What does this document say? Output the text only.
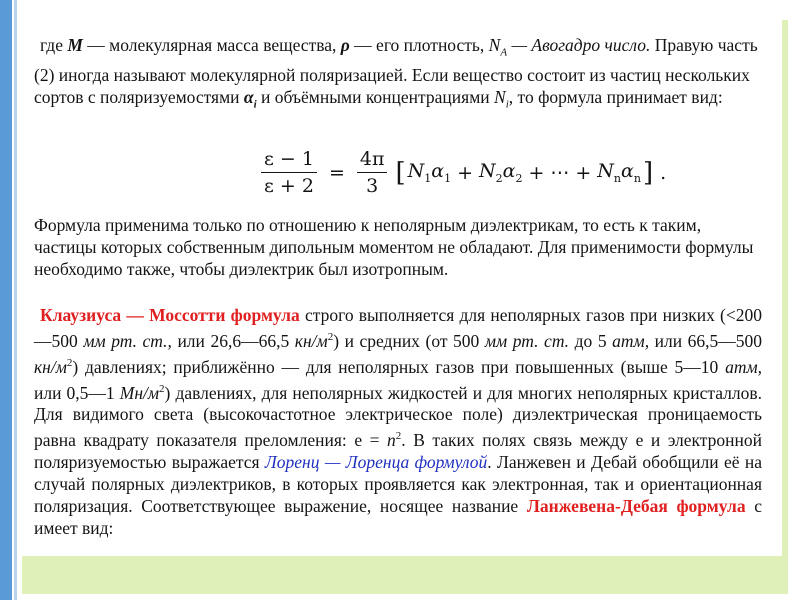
где M — молекулярная масса вещества, ρ — его плотность, $N_A$ — Авогадро число. Правую часть (2) иногда называют молекулярной поляризацией. Если вещество состоит из частиц нескольких сортов с поляризуемостями $\alpha_i$ и объёмными концентрациями $N_i$, то формула принимает вид:
$\frac{\varepsilon - 1}{\varepsilon + 2} = \frac{4\pi}{3}$ [ $N_1\alpha_1 + N_2\alpha_2$ + ⋯ + $N_n\alpha_n$ ] .
Формула применима только по отношению к неполярным диэлектрикам, то есть к таким, частицы которых собственным дипольным моментом не обладают. Для применимости формулы необходимо также, чтобы диэлектрик был изотропным.
Клаузиуса — Моссотти формула строго выполняется для неполярных газов при низких (<200—500 мм рт. ст., или 26,6—66,5 $кн/м^2$) и средних (от 500 мм рт. ст. до 5 атм, или 66,5—500 $кн/м^2$) давлениях; приближённо — для неполярных газов при повышенных (выше 5—10 атм, или 0,5—1 $Мн/м^2$) давлениях, для неполярных жидкостей и для многих неполярных кристаллов. Для видимого света (высокочастотное электрическое поле) диэлектрическая проницаемость равна квадрату показателя преломления: $e = n^2$. В таких полях связь между e и электронной поляризуемостью выражается Лоренц — Лоренца формулой. Ланжевен и Дебай обобщили её на случай полярных диэлектриков, в которых проявляется как электронная, так и ориентационная поляризация. Соответствующее выражение, носящее название Ланжевена-Дебая формула с имеет вид:
